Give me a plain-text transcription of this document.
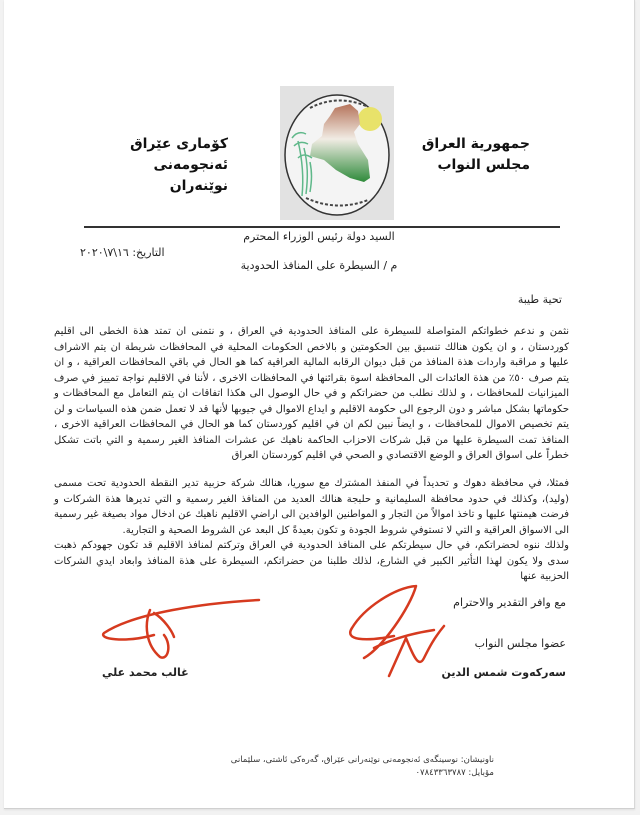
جمهورية العراق
مجلس النواب
كۆمارى عێراق
ئەنجومەنى نوێنەران
التاريخ: ١٦\٧\٢٠٢٠
السيد دولة رئيس الوزراء المحترم
م / السيطرة على المنافذ الحدودية
تحية طيبة
نثمن و ندعم خطواتكم المتواصلة للسيطرة على المنافذ الحدودية في العراق ، و نتمنى ان تمتد هذة الخطى الى اقليم كوردستان ، و ان يكون هنالك تنسيق بين الحكومتين و بالاخص الحكومات المحلية في المحافظات شريطة ان يتم الاشراف عليها و مراقبة واردات هذة المنافذ من قبل ديوان الرقابه المالية العراقية كما هو الحال في باقي المحافظات العراقية ، و ان يتم صرف ٥٠٪ من هذة العائدات الى المحافظة اسوة بقرائنها في المحافظات الاخرى ، لأننا في الاقليم نواجة تمييز في صرف الميزانيات للمحافظات ، و لذلك نطلب من حضراتكم و في حال الوصول الى هكذا اتفاقات ان يتم التعامل مع المحافظات و حكوماتها بشكل مباشر و دون الرجوع الى حكومة الاقليم و ايداع الاموال في جيوبها لأنها قد لا تعمل ضمن هذه السياسات و لن يتم تخصيص الاموال للمحافظات ، و ايضاً نبين لكم ان في اقليم كوردستان كما هو الحال في المحافظات العراقية الاخرى ، المنافذ تمت السيطرة عليها من قبل شركات الاحزاب الحاكمة ناهيك عن عشرات المنافذ الغير رسمية و التي باتت تشكل خطراً على اسواق العراق و الوضع الاقتصادي و الصحي في اقليم كوردستان العراق
فمثلا، في محافظة دهوك و تحديداً في المنفذ المشترك مع سوريا، هنالك شركة حزبية تدير النقطة الحدودية تحت مسمى (وليد)، وكذلك في حدود محافظة السليمانية و حلبجة هنالك العديد من المنافذ الغير رسمية و التي تديرها هذة الشركات و فرضت هيمنتها عليها و تاخذ اموالاً من التجار و المواطنين الوافدين الى اراضي الاقليم ناهيك عن ادخال مواد بصيغة غير رسمية الى الاسواق العراقية و التي لا تستوفي شروط الجودة و تكون بعيدةً كل البعد عن الشروط الصحية و التجارية.
ولذلك ننوه لحضراتكم، في حال سيطرتكم على المنافذ الحدودية في العراق وتركتم لمنافذ الاقليم قد تكون جهودكم ذهبت سدى ولا يكون لهذا التأثير الكبير في الشارع، لذلك طلبنا من حضراتكم، السيطرة على هذة المنافذ وابعاد ايدي الشركات الحزبية عنها
مع وافر التقدير والاحترام
عضوا مجلس النواب
سەركەوت شمس الدين
غالب محمد علي
ناونیشان: نوسینگەی ئەنجومەنی نوێنەرانی عێراق، گەرەکی ئاشتی، سلێمانی
مۆبایل: ٠٧٨٤٣٣٦٣٧٨٧
